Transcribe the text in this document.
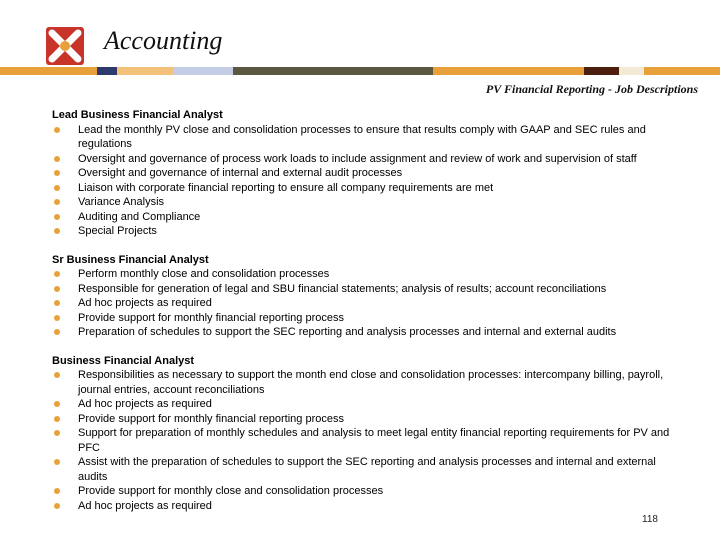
Accounting
PV Financial Reporting - Job Descriptions
Lead Business Financial Analyst
Lead the monthly PV close and consolidation processes to ensure that results comply with GAAP and SEC rules and regulations
Oversight and governance of process work loads to include assignment and review of work and supervision of staff
Oversight and governance of internal and external audit processes
Liaison with corporate financial reporting to ensure all company requirements are met
Variance Analysis
Auditing and Compliance
Special Projects
Sr Business Financial Analyst
Perform monthly close and consolidation processes
Responsible for generation of legal and SBU financial statements; analysis of results; account reconciliations
Ad hoc projects as required
Provide support for monthly financial reporting process
Preparation of schedules to support the SEC reporting and analysis processes and internal and external audits
Business Financial Analyst
Responsibilities as necessary to support the month end close and consolidation processes: intercompany billing, payroll, journal entries, account reconciliations
Ad hoc projects as required
Provide support for monthly financial reporting process
Support for preparation of monthly schedules and analysis to meet legal entity financial reporting requirements for PV and PFC
Assist with the preparation of schedules to support the SEC reporting and analysis processes and internal and external audits
Provide support for monthly close and consolidation processes
Ad hoc projects as required
118
